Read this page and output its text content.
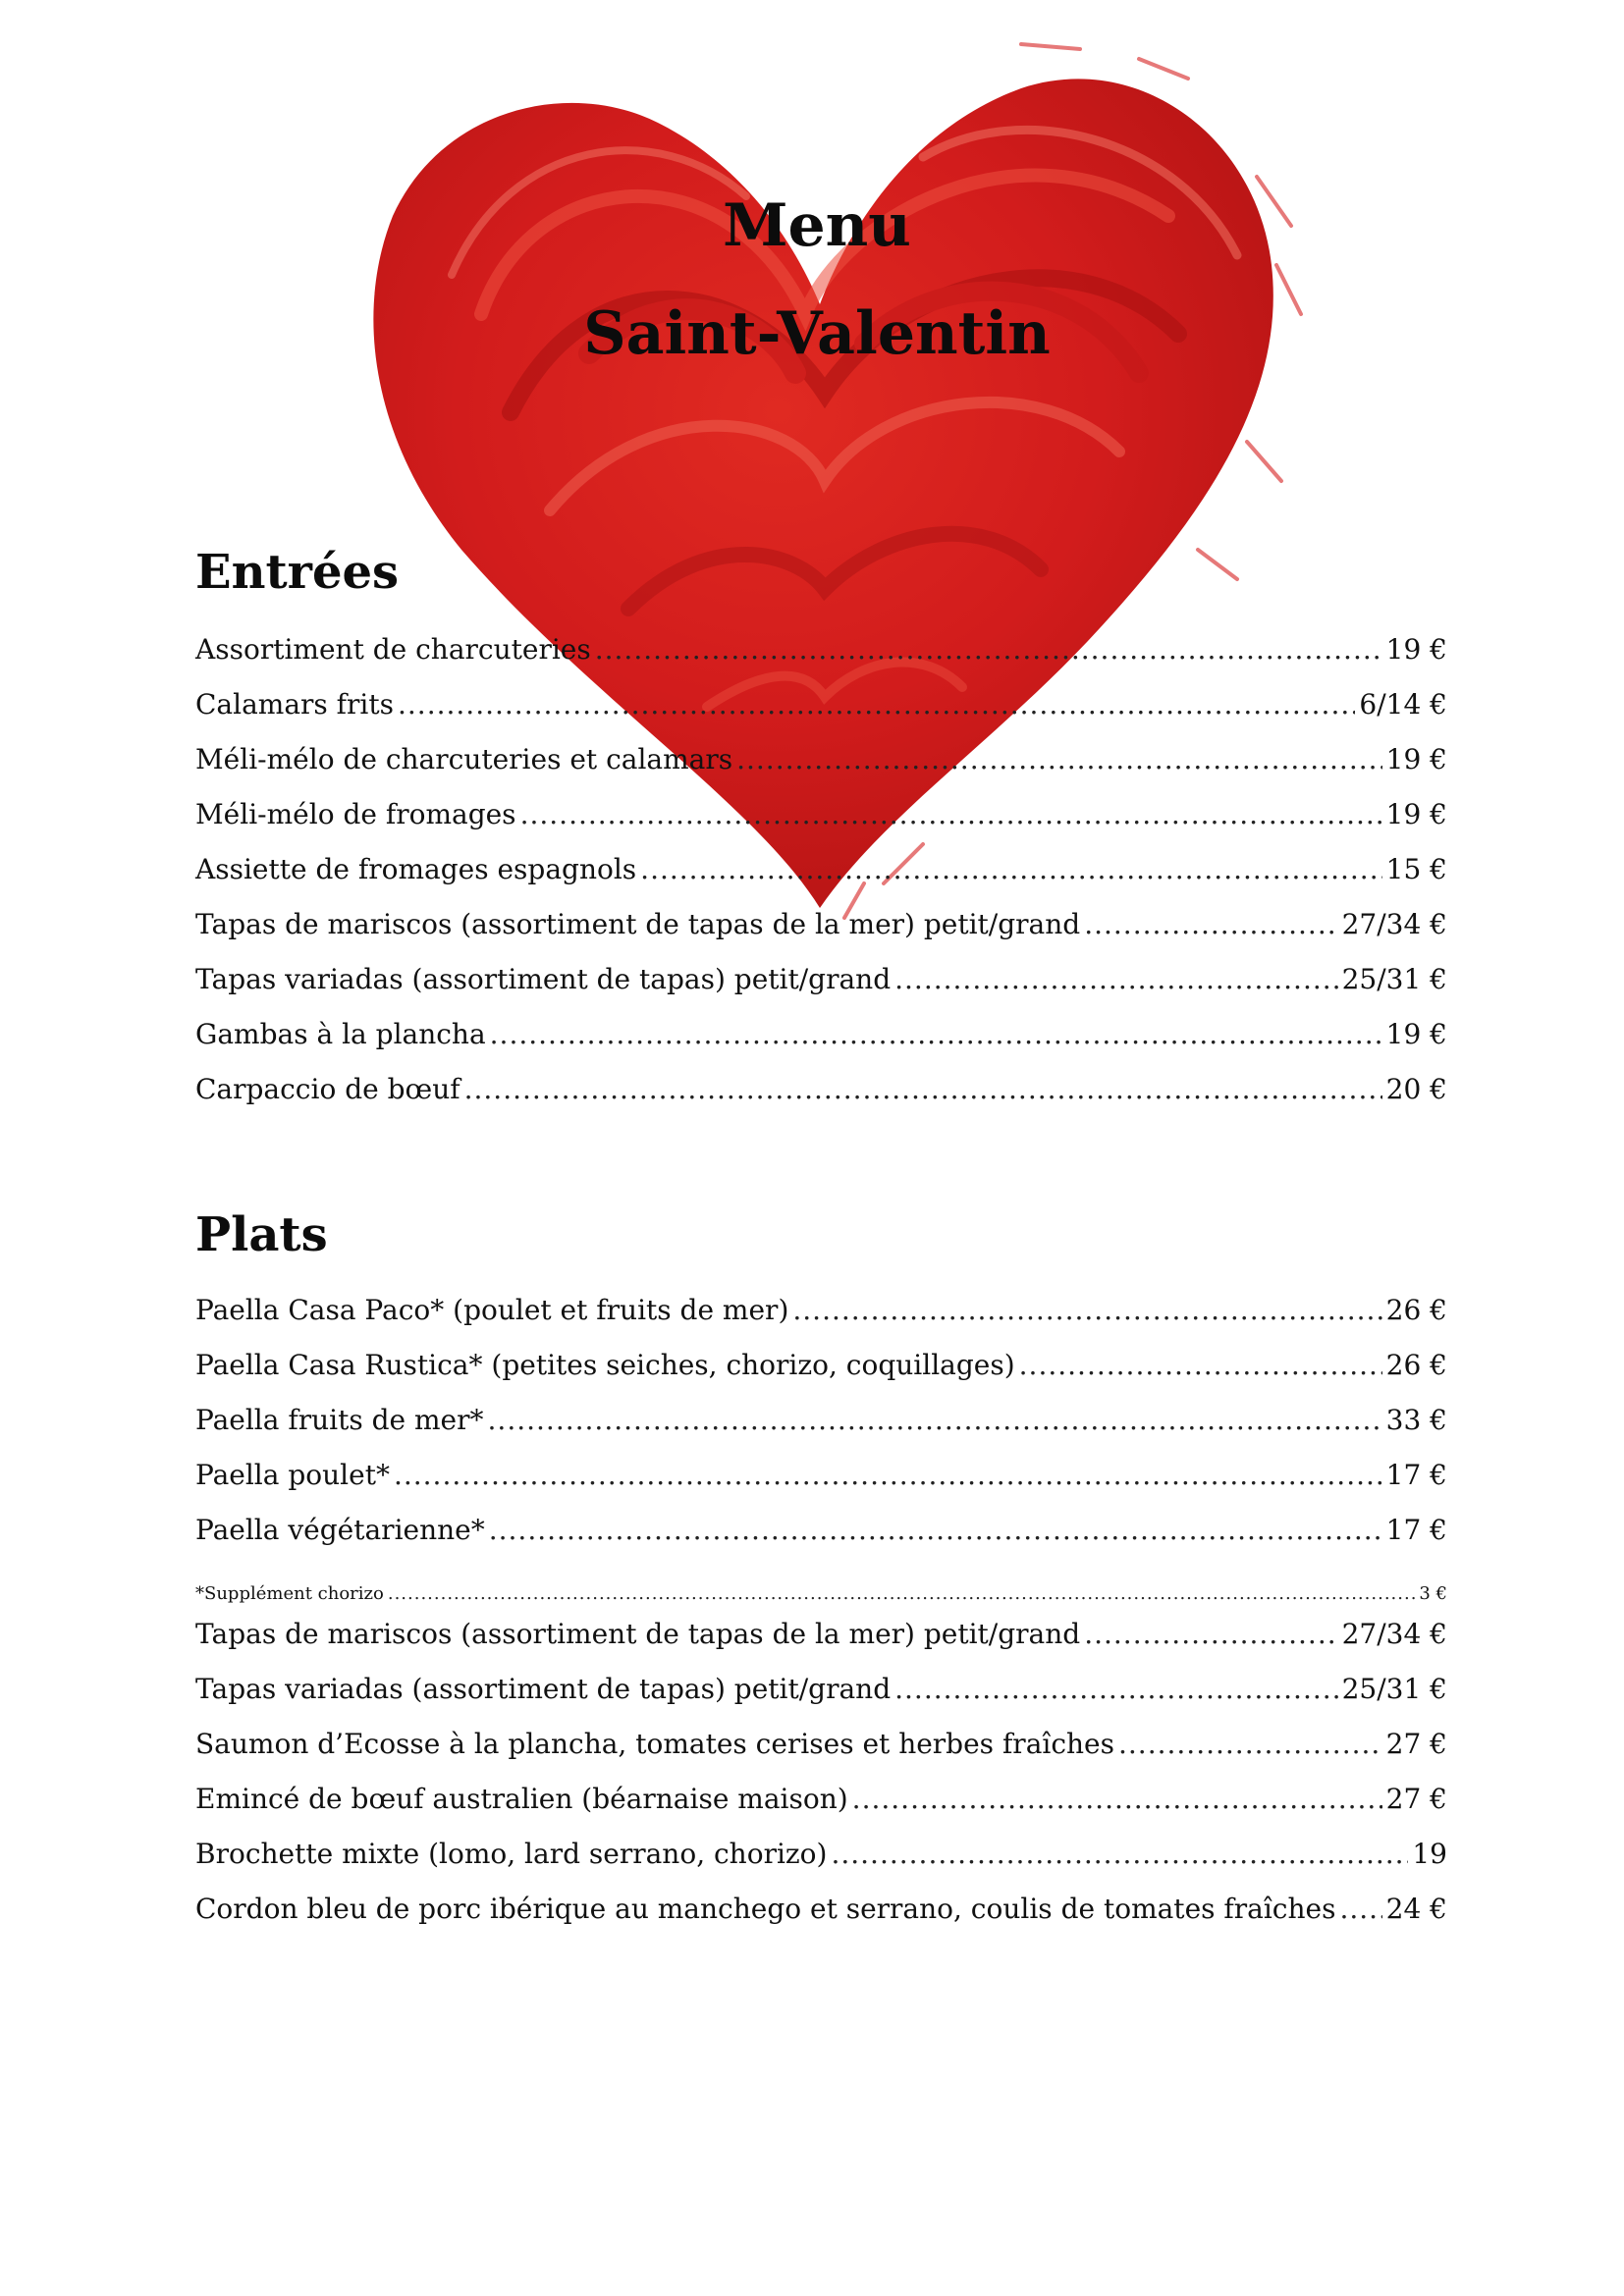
Menu
Saint-Valentin
Entrées
Assortiment de charcuteries .....	19 €
Calamars frits .....	6/14 €
Méli-mélo de charcuteries et calamars .....	19 €
Méli-mélo de fromages .....	19 €
Assiette de fromages espagnols .....	15 €
Tapas de mariscos (assortiment de tapas de la mer) petit/grand .....	27/34 €
Tapas variadas (assortiment de tapas) petit/grand .....	25/31 €
Gambas à la plancha .....	19 €
Carpaccio de bœuf .....	20 €
Plats
Paella Casa Paco* (poulet et fruits de mer) .....	26 €
Paella Casa Rustica* (petites seiches, chorizo, coquillages) .....	26 €
Paella fruits de mer* .....	33 €
Paella poulet* .....	17 €
Paella végétarienne* .....	17 €
*Supplément chorizo .....	3 €
Tapas de mariscos (assortiment de tapas de la mer) petit/grand .....	27/34 €
Tapas variadas (assortiment de tapas) petit/grand .....	25/31 €
Saumon d’Ecosse à la plancha, tomates cerises et herbes fraîches .....	27 €
Emincé de bœuf australien (béarnaise maison) .....	27 €
Brochette mixte (lomo, lard serrano, chorizo) .....	19
Cordon bleu de porc ibérique au manchego et serrano, coulis de tomates fraîches ..... 24 €
